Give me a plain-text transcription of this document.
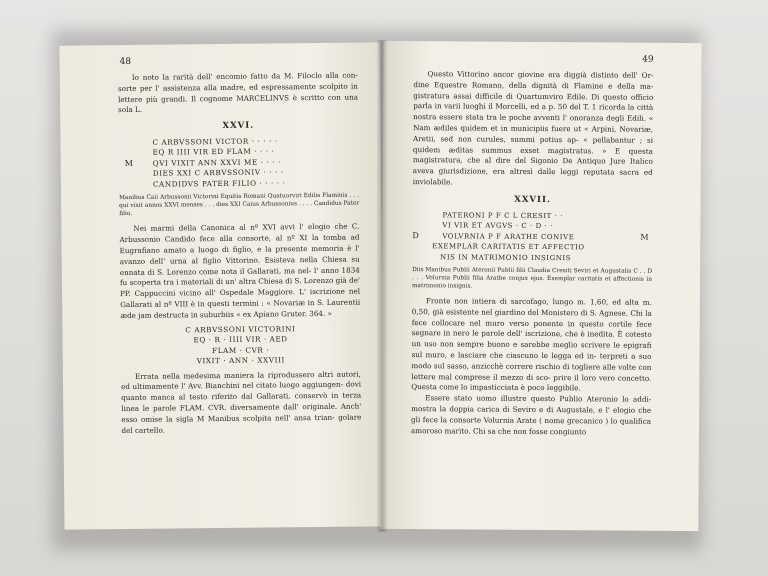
48

Io noto la rarità dell' encomio fatto da M. Filoclo alla con- sorte per l' assistenza alla madre, ed espressamente scolpito in lettere più grandi. Il cognome MARCELINVS è scritto con una sola L.

XXVI.
M
C ARBVSSONI VICTOR · · · · ·
EQ R IIII VIR ED FLAM · · · ·
QVI VIXIT ANN XXVI ME · · · ·
DIES XXI C ARBVSSONIV · · · ·
CANDIDVS PATER FILIO · · · · ·
Manibus Caii Arbussonii Victorini Equitis Romani Quatuorviri Edilis Flaminis . . . qui vixit annos XXVI menses . . . dies XXI Caius Arbussonius . . . . Candidus Pater filio.

Nei marmi della Canonica al nº XVI avvi l' elogio che C. Arbussonio Candido fece alla consorte, al nº XI la tomba ad Eugrafiano amato a luogo di figlio, e la presente memoria è l' avanzo dell' urna al figlio Vittorino. Esisteva nella Chiesa su ennata di S. Lorenzo come nota il Gallarati, ma nel- l' anno 1834 fu scoperta tra i materiali di un' altra Chiesa di S. Lorenzo già de' PP. Cappuccini vicino all' Ospedale Maggiore. L' iscrizione nel Gallarati al nº VIII è in questi termini : « Novariæ in S. Laurentii æde jam destructa in suburbiis « ex Apiano Gruter. 364. »

C ARBVSSONI VICTORINI
EQ · R · IIII VIR · AED
FLAM · CVR ·
VIXIT · ANN · XXVIII

Errata nella medesima maniera la riprodussero altri autori, ed ultimamente l' Avv. Bianchini nel citato luogo aggiungen- dovi quanto manca al testo riferito dal Gallarati, conservò in terza linea le parole FLAM. CVR. diversamente dall' originale. Anch' esso omise la sigla M Manibus scolpita nell' ansa trian- golare del cartello.

49

Questo Vittorino ancor giovine era diggià distinto dell' Or- dine Equestre Romano, della dignità di Flamine e della ma- gistratura assai difficile di Quartumviro Edile. Di questo officio parla in varii luoghi il Morcelli, ed a p. 50 del T. 1 ricorda la città nostra essere stata tra le poche avventi l' onoranza degli Edili. « Nam ædiles quidem et in municipiis fuere ut « Arpini, Novariæ, Aretii, sed non curules, summi potius ap- « pellabantur ; si quidem æditas summus exset magistratus. » E questa magistratura, che al dire del Sigonio De Antiquo Jure Italico aveva giurisdizione, era altresì dalle leggi reputata sacra ed inviolabile.

XXVII.
D	M
PATERONI P F C L CRESIT · ·
VI VIR ET AVGVS · C · D · ·
VOLVRNIA P F ARATHE CONIVE
EXEMPLAR CARITATIS ET AFFECTIO
NIS IN MATRIMONIO INSIGNIS
Diis Manibus Publii Ateronii Publii filii Claudia Cresiti Seviri et Augustalis C . . D . . . Volurnia Publii filia Arathe conjux ejus. Exemplar caritatis et affectionis in matrimonio insignis.

Fronte non intiera di sarcofago, lungo m. 1,60, ed alta m. 0,50, già esistente nel giardino del Monistero di S. Agnese. Chi la fece collocare nel muro verso ponente in questo cortile fece segnare in nero le parole dell' iscrizione, che è inedita. È cotesto un uso non sempre buono e sarebbe meglio scrivere le epigrafi sul muro, e lasciare che ciascuno le legga ed in- terpreti a suo modo sul sasso, anzicchè correre rischio di togliere alle volte con lettere mal comprese il mezzo di sco- prire il loro vero concetto. Questa come lo impasticciata è poco leggibile.

Essere stato uomo illustre questo Publio Ateronio lo addi- mostra la doppia carica di Seviro e di Augustale, e l' elogio che gli fece la consorte Volurnia Arate ( nome grecanico ) lo qualifica amoroso marito. Chi sa che non fosse congiunto
